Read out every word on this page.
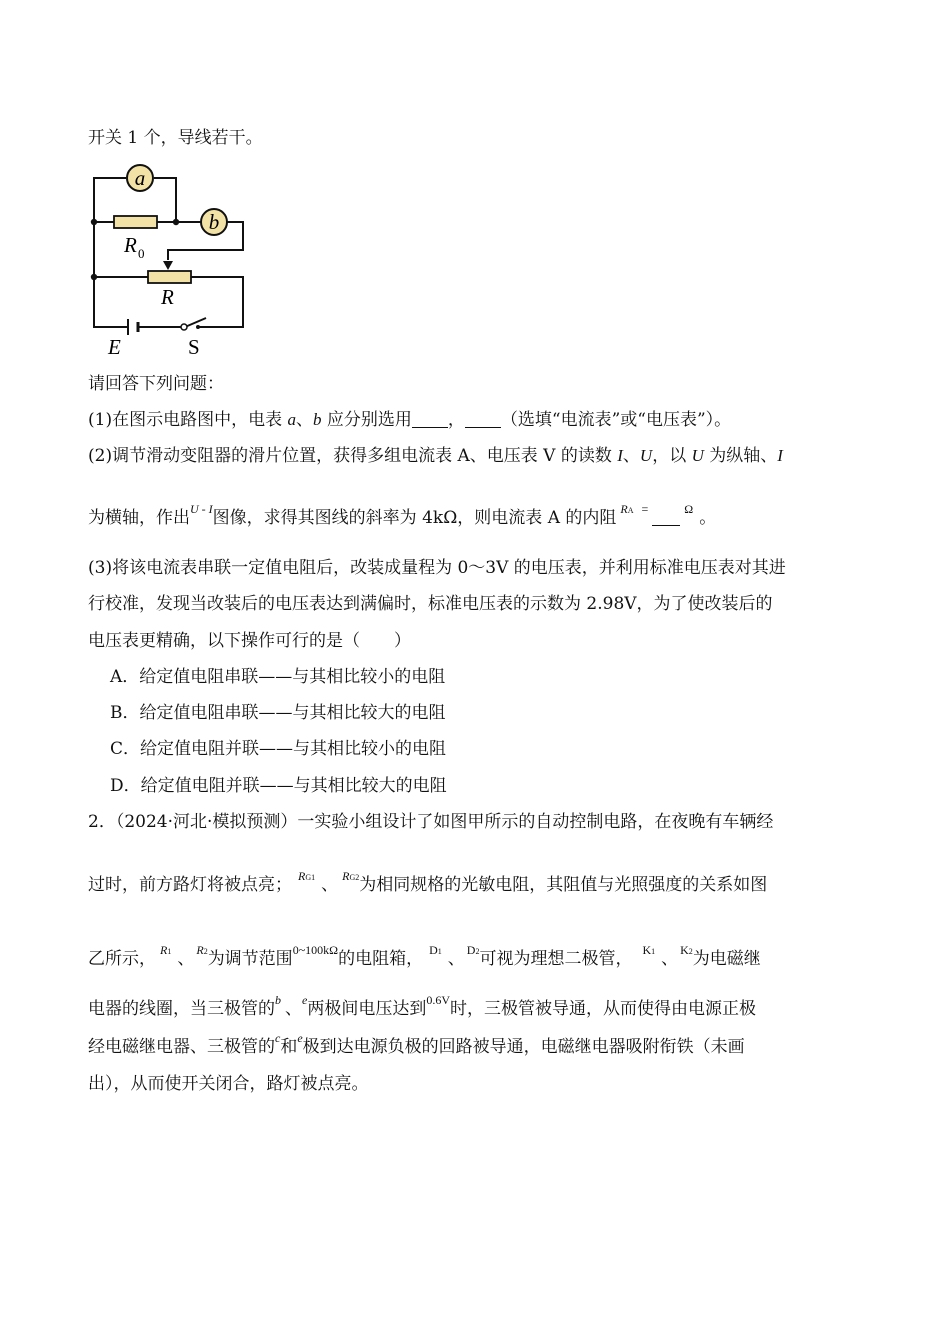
开关 1 个，导线若干。
a
b
R 0
R
E	S
请回答下列问题：
(1)在图示电路图中，电表 a、b 应分别选用 ， （选填“电流表”或“电压表”）。
(2)调节滑动变阻器的滑片位置，获得多组电流表 A、电压表 V 的读数 I、U，以 U 为纵轴、I
为横轴，作出$^{U - I}$图像，求得其图线的斜率为 4kΩ，则电流表 A 的内阻 $^{RA}$ =	$^\Omega$ 。
(3)将该电流表串联一定值电阻后，改装成量程为 0～3V 的电压表，并利用标准电压表对其进
行校准，发现当改装后的电压表达到满偏时，标准电压表的示数为 2.98V，为了使改装后的
电压表更精确，以下操作可行的是（　　）
A．给定值电阻串联——与其相比较小的电阻
B．给定值电阻串联——与其相比较大的电阻
C．给定值电阻并联——与其相比较小的电阻
D．给定值电阻并联——与其相比较大的电阻
2．（2024·河北·模拟预测）一实验小组设计了如图甲所示的自动控制电路，在夜晚有车辆经
过时，前方路灯将被点亮； $^{RG1}$ 、 $^{RG2}$为相同规格的光敏电阻，其阻值与光照强度的关系如图
乙所示， $^{R1}$ 、 $^{R2}$为调节范围$^{0\sim 100k\Omega}$的电阻箱， $^{D1}$ 、 $^{D2}$可视为理想二极管， $^{K1}$ 、 $^{K2}$为电磁继
电器的线圈，当三极管的$^b$ 、$^e$两极间电压达到$^{0.6V}$时，三极管被导通，从而使得由电源正极
经电磁继电器、三极管的$^c$和$^e$极到达电源负极的回路被导通，电磁继电器吸附衔铁（未画
出），从而使开关闭合，路灯被点亮。
